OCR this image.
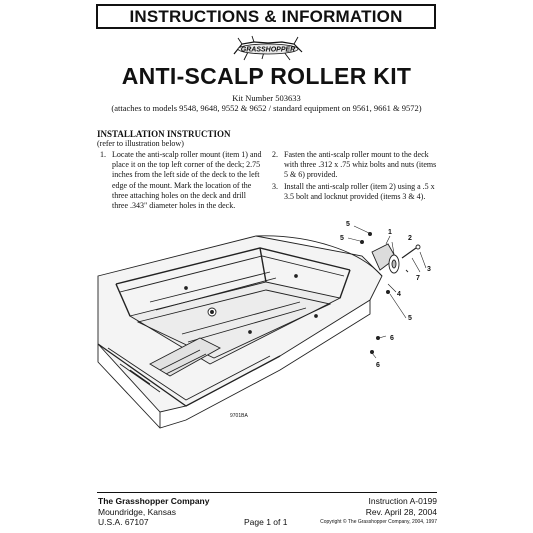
INSTRUCTIONS & INFORMATION
GRASSHOPPER
ANTI-SCALP ROLLER KIT
Kit Number 503633
(attaches to models 9548, 9648, 9552 & 9652 / standard equipment on 9561, 9661 & 9572)
INSTALLATION INSTRUCTION
(refer to illustration below)
1. Locate the anti-scalp roller mount (item 1) and place it on the top left corner of the deck; 2.75 inches from the left side of the deck to the left edge of the mount. Mark the location of the three attaching holes on the deck and drill three .343" diameter holes in the deck.
2. Fasten the anti-scalp roller mount to the deck with three .312 x .75 whiz bolts and nuts (items 5 & 6) provided.
3. Install the anti-scalp roller (item 2) using a .5 x 3.5 bolt and locknut provided (items 3 & 4).
5
1
2
5
7
3
4
5
6
6
9701BA
The Grasshopper Company
Moundridge, Kansas
U.S.A. 67107	Page 1 of 1
Instruction A-0199
Rev. April 28, 2004
Copyright © The Grasshopper Company, 2004, 1997
